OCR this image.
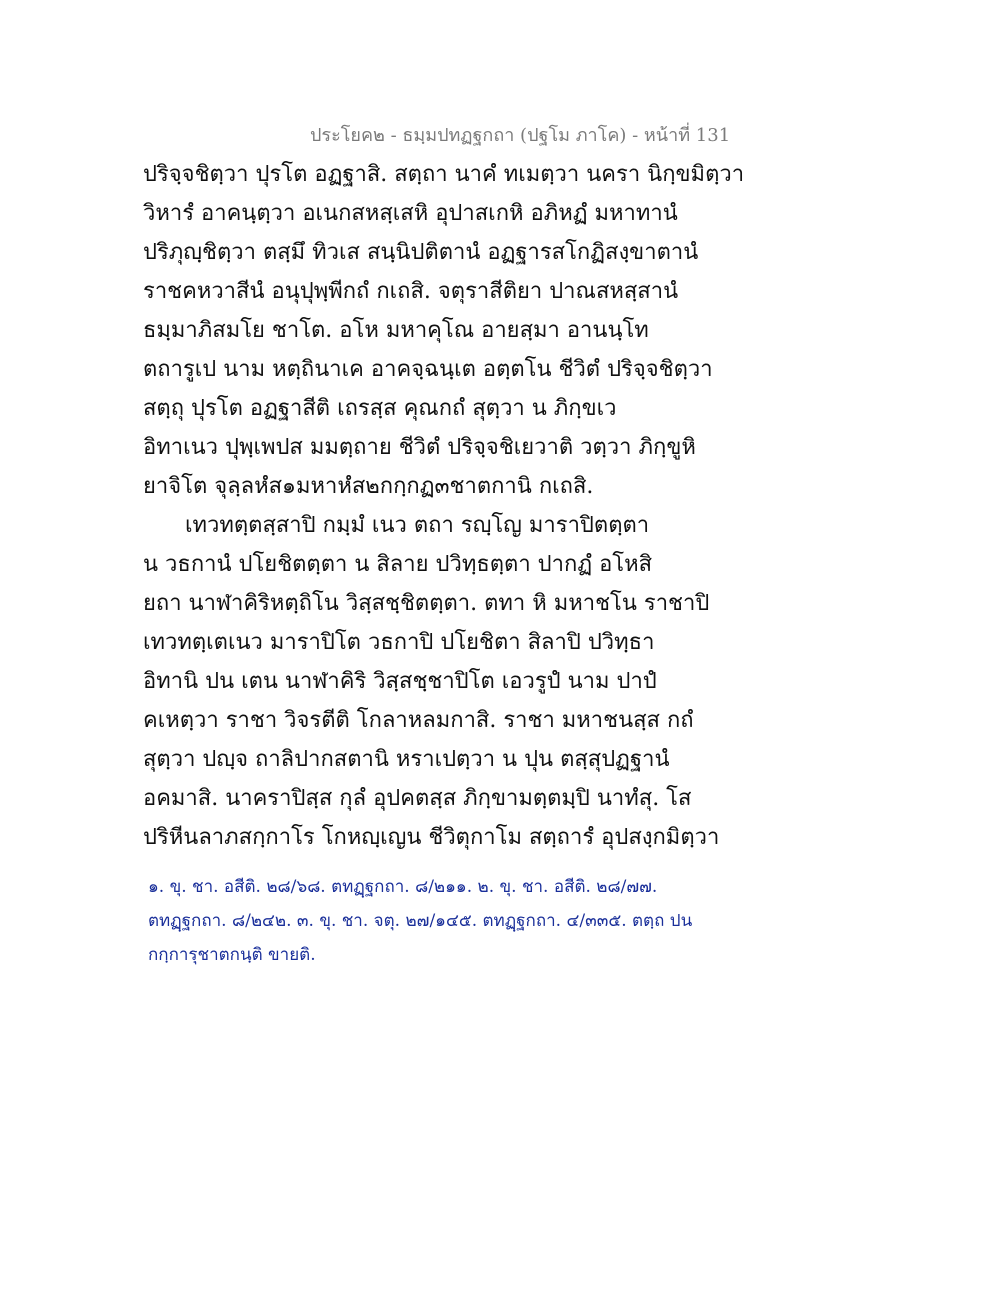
ประโยค๒ - ธมฺมปทฏฐกถา (ปฐโม ภาโค) - หน้าที่ 131
ปริจฺจชิตฺวา ปุรโต อฏฐาสิ. สตฺถา นาคํ ทเมตฺวา นครา นิกฺขมิตฺวา
วิหารํ อาคนฺตฺวา อเนกสหสฺเสหิ อุปาสเกหิ อภิหฏํ มหาทานํ
ปริภุญฺชิตฺวา ตสฺมึ ทิวเส สนฺนิปติตานํ อฏฐารสโกฏิสงฺขาตานํ
ราชคหวาสีนํ อนุปุพฺพีกถํ กเถสิ. จตุราสีติยา ปาณสหสฺสานํ
ธมฺมาภิสมโย ชาโต. อโห มหาคุโณ อายสฺมา อานนฺโท
ตถารูเป นาม หตฺถินาเค อาคจฺฉนฺเต อตฺตโน ชีวิตํ ปริจฺจชิตฺวา
สตฺถุ ปุรโต อฏฐาสีติ เถรสฺส คุณกถํ สุตฺวา น ภิกฺขเว
อิทาเนว ปุพฺเพปส มมตฺถาย ชีวิตํ ปริจฺจชิเยวาติ วตฺวา ภิกฺขูหิ
ยาจิโต จุลฺลหํส๑มหาหํส๒กกฺกฏ๓ชาตกานิ กเถสิ.
เทวทตฺตสฺสาปิ กมฺมํ เนว ตถา รญฺโญ มาราปิตตฺตา
น วธกานํ ปโยชิตตฺตา น สิลาย ปวิทฺธตฺตา ปากฏํ อโหสิ
ยถา นาฬาคิริหตฺถิโน วิสฺสชฺชิตตฺตา. ตทา หิ มหาชโน ราชาปิ
เทวทตฺเตเนว มาราปิโต วธกาปิ ปโยชิตา สิลาปิ ปวิทฺธา
อิทานิ ปน เตน นาฬาคิริ วิสฺสชฺชาปิโต เอวรูปํ นาม ปาปํ
คเหตฺวา ราชา วิจรตีติ โกลาหลมกาสิ. ราชา มหาชนสฺส กถํ
สุตฺวา ปญฺจ ถาลิปากสตานิ หราเปตฺวา น ปุน ตสฺสุปฏฐานํ
อคมาสิ. นาคราปิสฺส กุลํ อุปคตสฺส ภิกฺขามตฺตมฺปิ นาทํสุ. โส
ปริหีนลาภสกฺกาโร โกหญฺเญน ชีวิตุกาโม สตฺถารํ อุปสงฺกมิตฺวา
๑. ขุ. ชา. อสีติ. ๒๘/๖๘. ตทฏฺฐกถา. ๘/๒๑๑. ๒. ขุ. ชา. อสีติ. ๒๘/๗๗.
ตทฏฺฐกถา. ๘/๒๔๒. ๓. ขุ. ชา. จตุ. ๒๗/๑๔๕. ตทฏฺฐกถา. ๔/๓๓๕. ตตฺถ ปน
กกฺการุชาตกนฺติ ขายติ.
